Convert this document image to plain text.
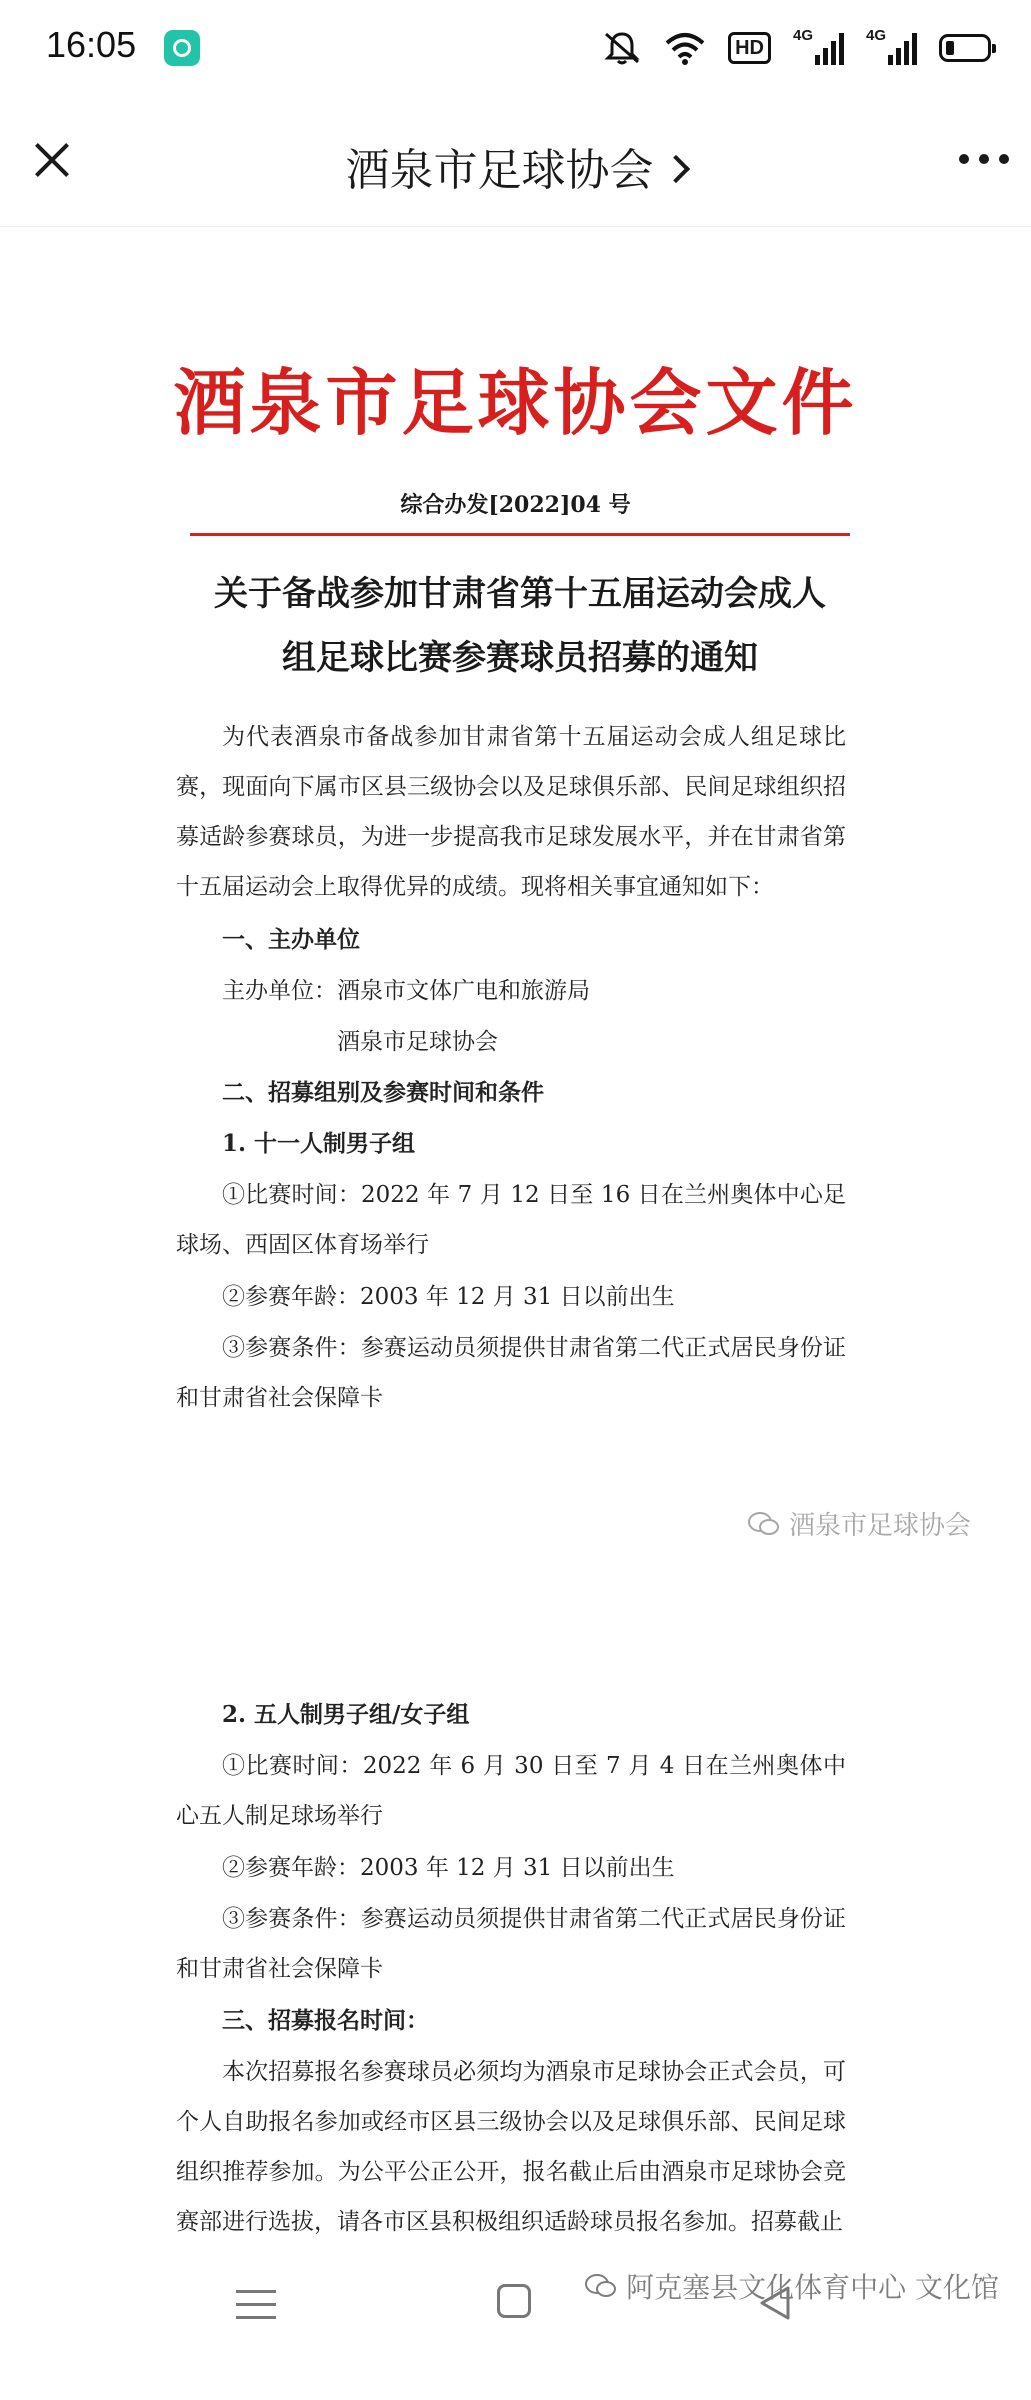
16:05	HD
4G	4G
酒泉市足球协会
酒泉市足球协会文件
综合办发[2022]04 号
关于备战参加甘肃省第十五届运动会成人
组足球比赛参赛球员招募的通知
为代表酒泉市备战参加甘肃省第十五届运动会成人组足球比赛，现面向下属市区县三级协会以及足球俱乐部、民间足球组织招募适龄参赛球员，为进一步提高我市足球发展水平，并在甘肃省第十五届运动会上取得优异的成绩。现将相关事宜通知如下：
一、主办单位
主办单位： 酒泉市文体广电和旅游局
酒泉市足球协会
二、招募组别及参赛时间和条件
1. 十一人制男子组
①比赛时间：2022 年 7 月 12 日至 16 日在兰州奥体中心足球场、西固区体育场举行
②参赛年龄：2003 年 12 月 31 日以前出生
③参赛条件：参赛运动员须提供甘肃省第二代正式居民身份证和甘肃省社会保障卡
酒泉市足球协会
2. 五人制男子组/女子组
①比赛时间：2022 年 6 月 30 日至 7 月 4 日在兰州奥体中心五人制足球场举行
②参赛年龄：2003 年 12 月 31 日以前出生
③参赛条件：参赛运动员须提供甘肃省第二代正式居民身份证和甘肃省社会保障卡
三、招募报名时间：
本次招募报名参赛球员必须均为酒泉市足球协会正式会员，可个人自助报名参加或经市区县三级协会以及足球俱乐部、民间足球组织推荐参加。为公平公正公开，报名截止后由酒泉市足球协会竞赛部进行选拔，请各市区县积极组织适龄球员报名参加。招募截止
阿克塞县文化体育中心 文化馆
